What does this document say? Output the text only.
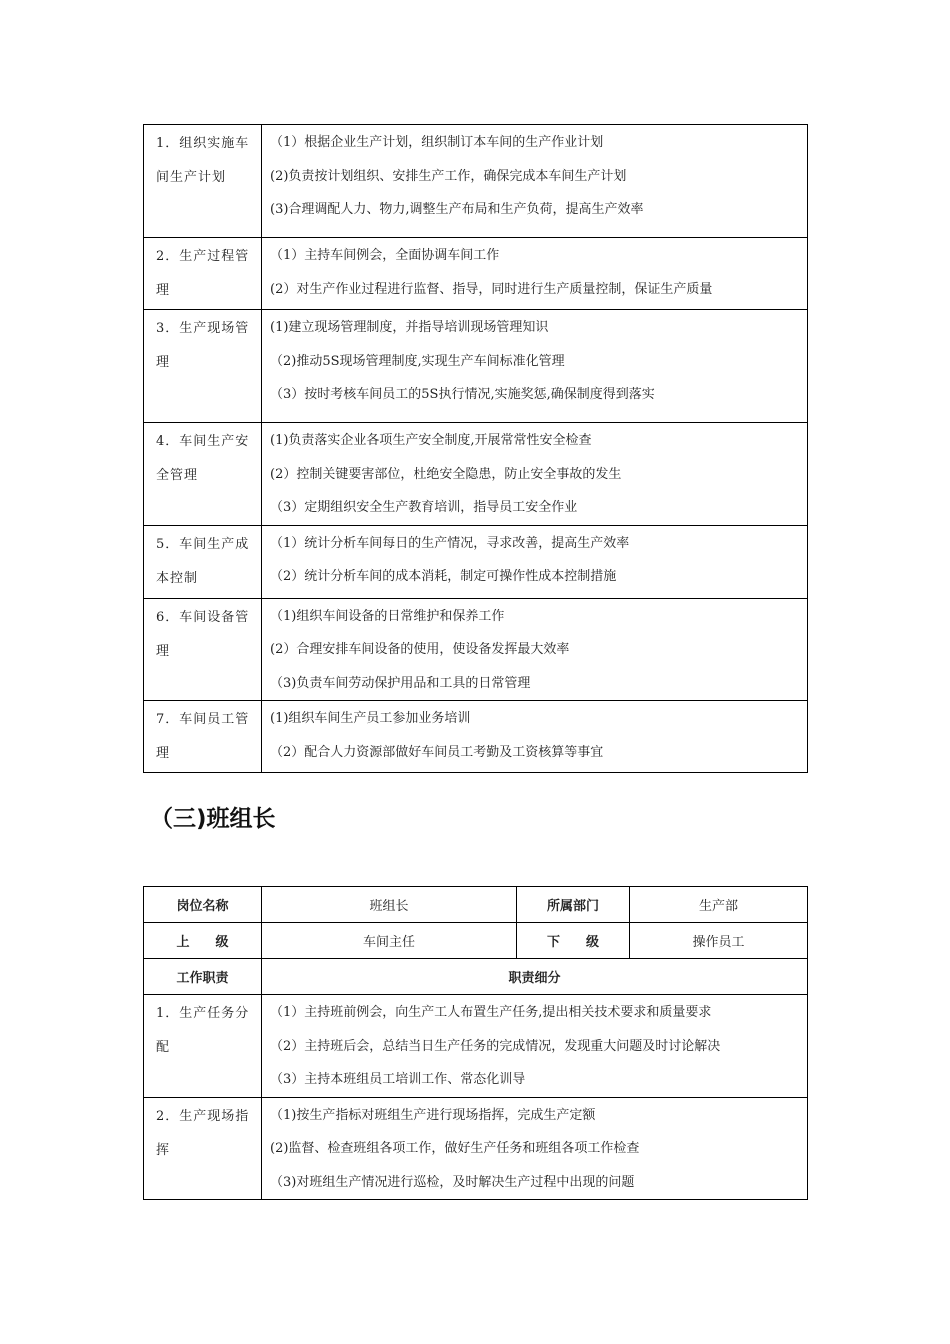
1．组织实施车间生产计划	（1）根据企业生产计划，组织制订本车间的生产作业计划
(2)负责按计划组织、安排生产工作，确保完成本车间生产计划
(3)合理调配人力、物力,调整生产布局和生产负荷，提高生产效率

2．生产过程管理	（1）主持车间例会，全面协调车间工作
(2）对生产作业过程进行监督、指导，同时进行生产质量控制，保证生产质量

3．生产现场管理	(1)建立现场管理制度，并指导培训现场管理知识
（2)推动5S现场管理制度,实现生产车间标准化管理
（3）按时考核车间员工的5S执行情况,实施奖惩,确保制度得到落实

4．车间生产安全管理	(1)负责落实企业各项生产安全制度,开展常常性安全检查
(2）控制关键要害部位，杜绝安全隐患，防止安全事故的发生
（3）定期组织安全生产教育培训，指导员工安全作业

5．车间生产成本控制	（1）统计分析车间每日的生产情况，寻求改善，提高生产效率
（2）统计分析车间的成本消耗，制定可操作性成本控制措施

6．车间设备管理	（1)组织车间设备的日常维护和保养工作
(2）合理安排车间设备的使用，使设备发挥最大效率
（3)负责车间劳动保护用品和工具的日常管理

7．车间员工管理	(1)组织车间生产员工参加业务培训
（2）配合人力资源部做好车间员工考勤及工资核算等事宜
（三)班组长
岗位名称	班组长	所属部门	生产部
上　　级	车间主任	下　　级	操作员工
工作职责	职责细分		

1．生产任务分配	（1）主持班前例会，向生产工人布置生产任务,提出相关技术要求和质量要求
（2）主持班后会，总结当日生产任务的完成情况，发现重大问题及时讨论解决
（3）主持本班组员工培训工作、常态化训导		

2．生产现场指挥	（1)按生产指标对班组生产进行现场指挥，完成生产定额
(2)监督、检查班组各项工作，做好生产任务和班组各项工作检查
（3)对班组生产情况进行巡检，及时解决生产过程中出现的问题		
